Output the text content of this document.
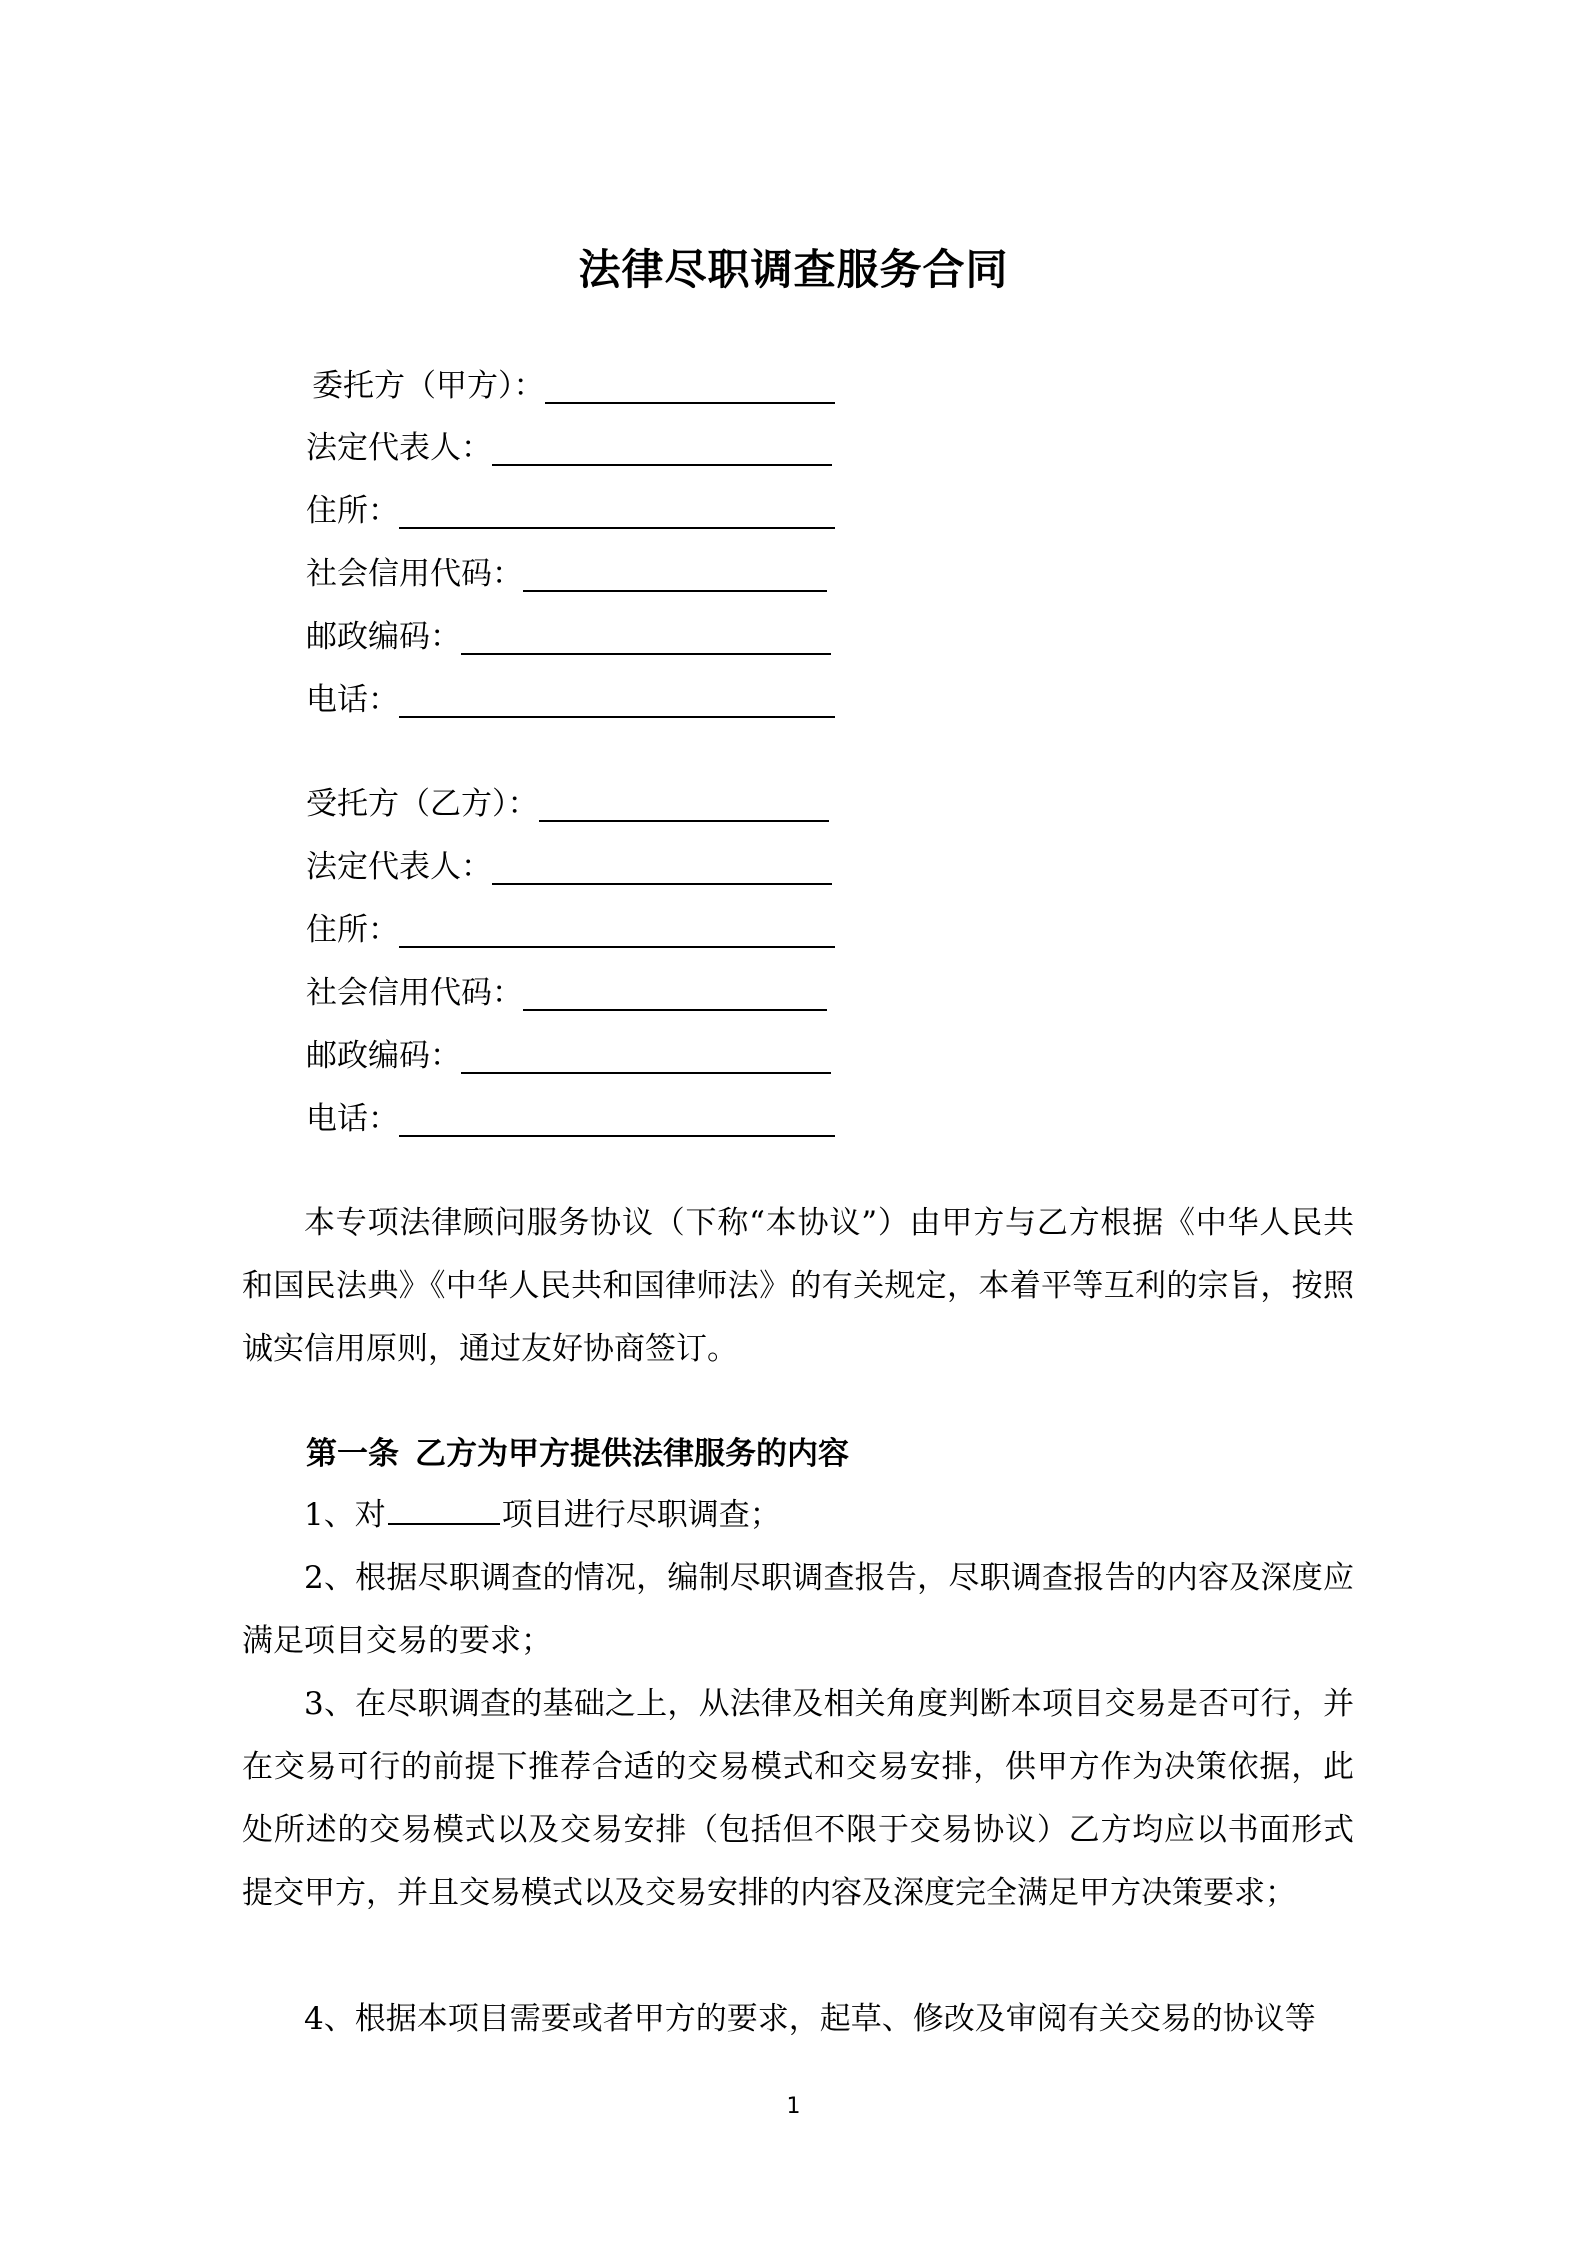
法律尽职调查服务合同
委托方（甲方）：
法定代表人：
住所：
社会信用代码：
邮政编码：
电话：
受托方（乙方）：
法定代表人：
住所：
社会信用代码：
邮政编码：
电话：

本专项法律顾问服务协议（下称“本协议”）由甲方与乙方根据《中华人民共和国民法典》《中华人民共和国律师法》的有关规定，本着平等互利的宗旨，按照诚实信用原则，通过友好协商签订。

第一条 乙方为甲方提供法律服务的内容

1、对	项目进行尽职调查；

2、根据尽职调查的情况，编制尽职调查报告，尽职调查报告的内容及深度应满足项目交易的要求；

3、在尽职调查的基础之上，从法律及相关角度判断本项目交易是否可行，并在交易可行的前提下推荐合适的交易模式和交易安排，供甲方作为决策依据，此处所述的交易模式以及交易安排（包括但不限于交易协议）乙方均应以书面形式提交甲方，并且交易模式以及交易安排的内容及深度完全满足甲方决策要求；

4、根据本项目需要或者甲方的要求，起草、修改及审阅有关交易的协议等

1
